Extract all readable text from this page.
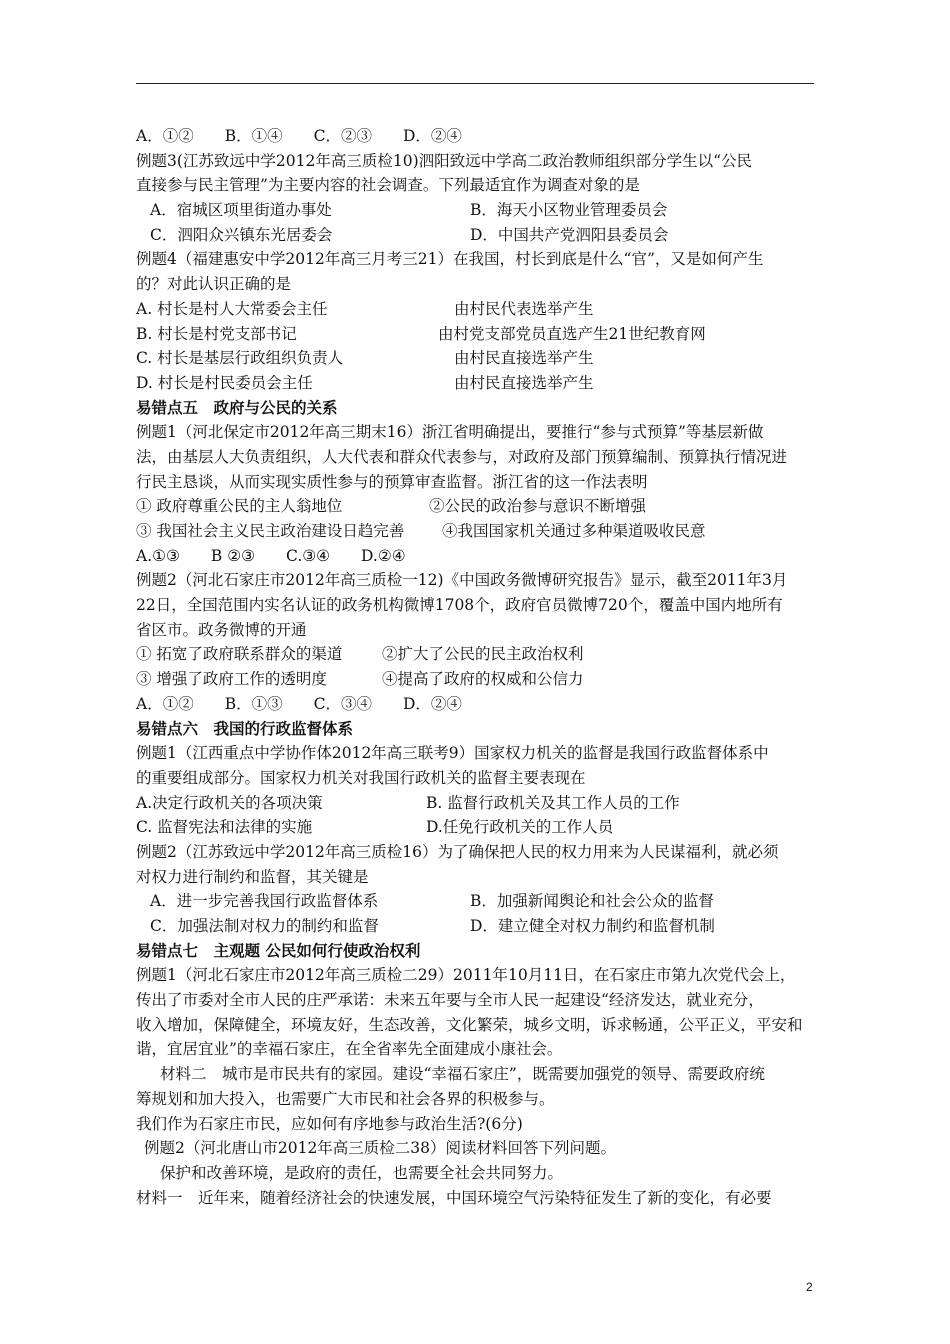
A．①②　　B．①④　　C．②③　　D．②④
例题3(江苏致远中学2012年高三质检10)泗阳致远中学高二政治教师组织部分学生以“公民
直接参与民主管理”为主要内容的社会调查。下列最适宜作为调查对象的是
A．宿城区项里街道办事处	B．海天小区物业管理委员会
C．泗阳众兴镇东光居委会	D．中国共产党泗阳县委员会
例题4（福建惠安中学2012年高三月考三21）在我国，村长到底是什么“官”，又是如何产生
的？对此认识正确的是
A. 村长是村人大常委会主任	由村民代表选举产生
B. 村长是村党支部书记	由村党支部党员直选产生21世纪教育网
C. 村长是基层行政组织负责人	由村民直接选举产生
D. 村长是村民委员会主任	由村民直接选举产生
易错点五　政府与公民的关系
例题1（河北保定市2012年高三期末16）浙江省明确提出，要推行“参与式预算”等基层新做
法，由基层人大负责组织，人大代表和群众代表参与，对政府及部门预算编制、预算执行情况进
行民主恳谈，从而实现实质性参与的预算审查监督。浙江省的这一作法表明
① 政府尊重公民的主人翁地位	②公民的政治参与意识不断增强
③ 我国社会主义民主政治建设日趋完善	④我国国家机关通过多种渠道吸收民意
A.①③　　B ②③　　C.③④　　D.②④
例题2（河北石家庄市2012年高三质检一12)《中国政务微博研究报告》显示，截至2011年3月
22日，全国范围内实名认证的政务机构微博1708个，政府官员微博720个，覆盖中国内地所有
省区市。政务微博的开通
① 拓宽了政府联系群众的渠道	②扩大了公民的民主政治权利
③ 增强了政府工作的透明度	④提高了政府的权威和公信力
A．①②　　B．①③　　C．③④　　D．②④
易错点六　我国的行政监督体系
例题1（江西重点中学协作体2012年高三联考9）国家权力机关的监督是我国行政监督体系中
的重要组成部分。国家权力机关对我国行政机关的监督主要表现在
A.决定行政机关的各项决策	B. 监督行政机关及其工作人员的工作
C. 监督宪法和法律的实施	D.任免行政机关的工作人员
例题2（江苏致远中学2012年高三质检16）为了确保把人民的权力用来为人民谋福利，就必须
对权力进行制约和监督，其关键是
A．进一步完善我国行政监督体系	B．加强新闻舆论和社会公众的监督
C．加强法制对权力的制约和监督	D．建立健全对权力制约和监督机制
易错点七　主观题 公民如何行使政治权利
例题1（河北石家庄市2012年高三质检二29）2011年10月11日，在石家庄市第九次党代会上，
传出了市委对全市人民的庄严承诺：未来五年要与全市人民一起建设“经济发达，就业充分，
收入增加，保障健全，环境友好，生态改善，文化繁荣，城乡文明，诉求畅通，公平正义，平安和
谐，宜居宜业”的幸福石家庄，在全省率先全面建成小康社会。
材料二　城市是市民共有的家园。建设“幸福石家庄”，既需要加强党的领导、需要政府统
筹规划和加大投入，也需要广大市民和社会各界的积极参与。
我们作为石家庄市民，应如何有序地参与政治生活?(6分)
例题2（河北唐山市2012年高三质检二38）阅读材料回答下列问题。
保护和改善环境，是政府的责任，也需要全社会共同努力。
材料一　近年来，随着经济社会的快速发展，中国环境空气污染特征发生了新的变化，有必要
2
